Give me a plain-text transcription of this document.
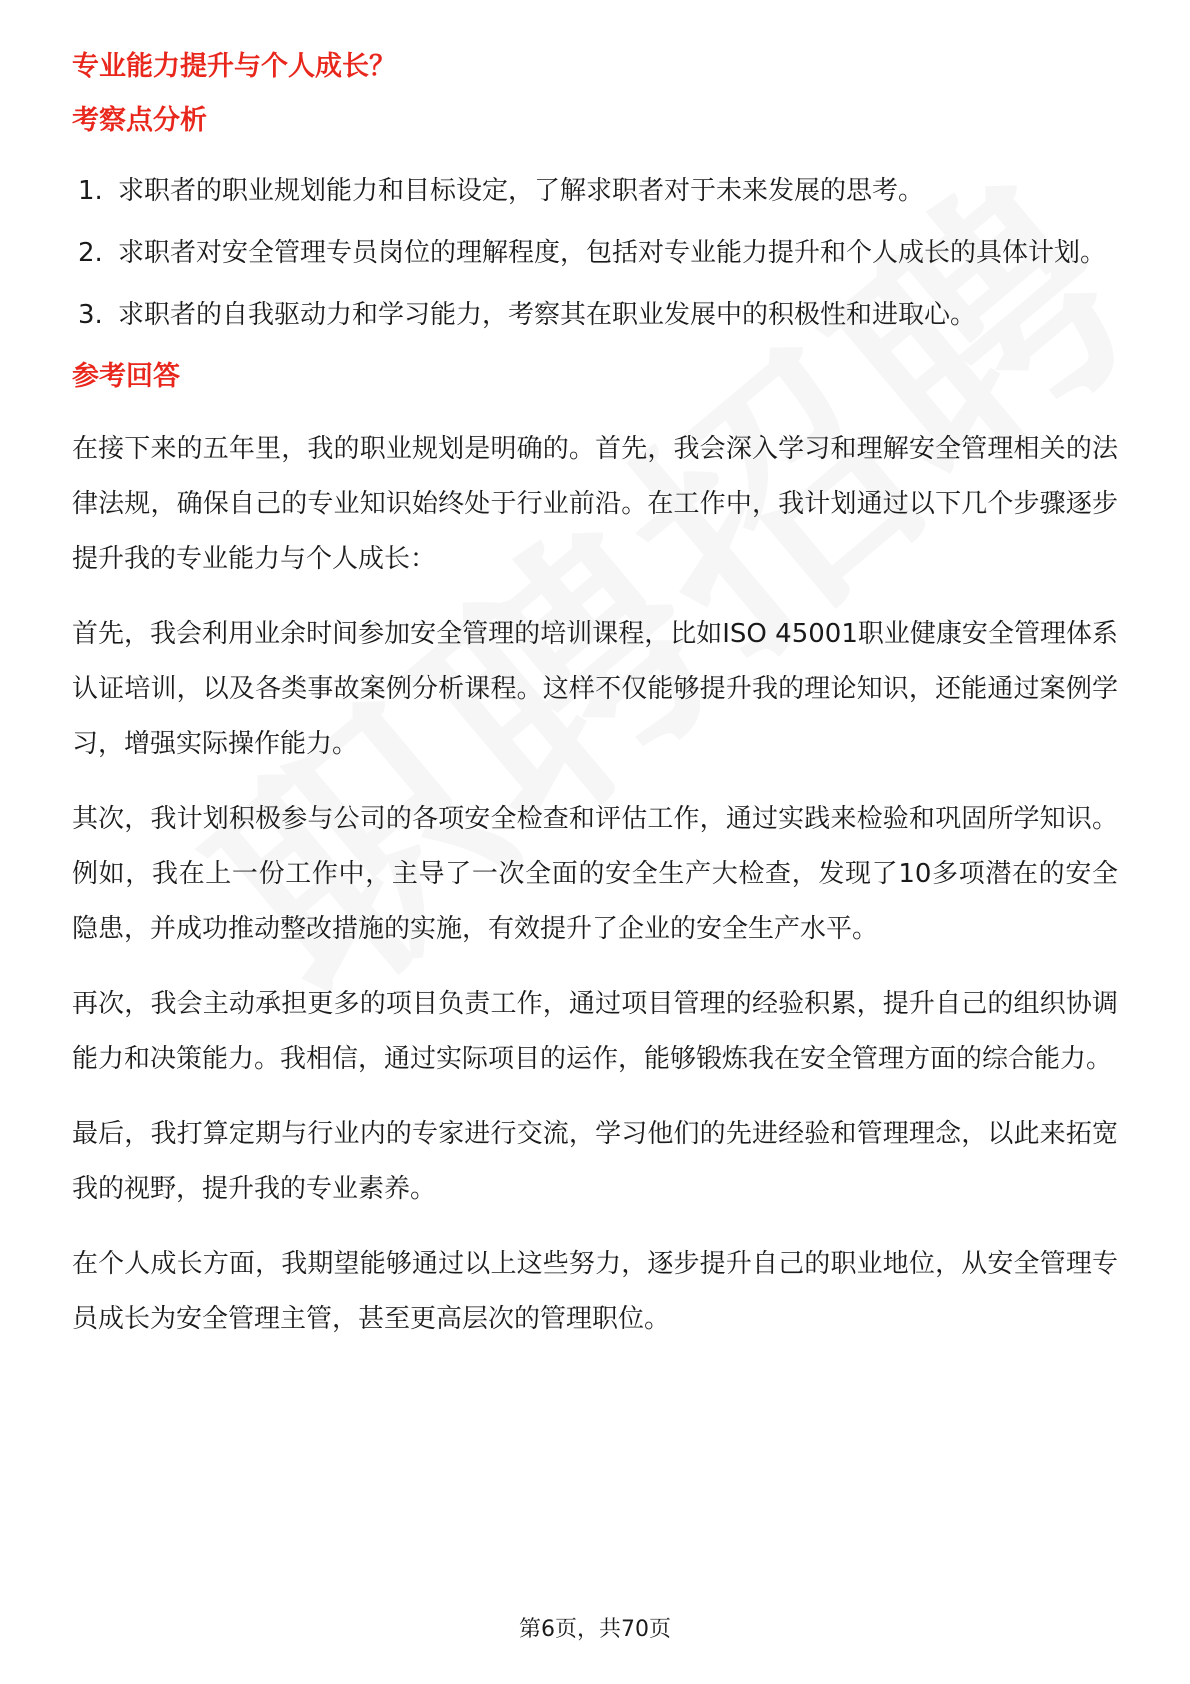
专业能力提升与个人成长？
考察点分析
求职者的职业规划能力和目标设定，了解求职者对于未来发展的思考。
求职者对安全管理专员岗位的理解程度，包括对专业能力提升和个人成长的具体计划。
求职者的自我驱动力和学习能力，考察其在职业发展中的积极性和进取心。
参考回答

在接下来的五年里，我的职业规划是明确的。首先，我会深入学习和理解安全管理相关的法律法规，确保自己的专业知识始终处于行业前沿。在工作中，我计划通过以下几个步骤逐步提升我的专业能力与个人成长：

首先，我会利用业余时间参加安全管理的培训课程，比如ISO 45001职业健康安全管理体系认证培训，以及各类事故案例分析课程。这样不仅能够提升我的理论知识，还能通过案例学习，增强实际操作能力。

其次，我计划积极参与公司的各项安全检查和评估工作，通过实践来检验和巩固所学知识。例如，我在上一份工作中，主导了一次全面的安全生产大检查，发现了10多项潜在的安全隐患，并成功推动整改措施的实施，有效提升了企业的安全生产水平。

再次，我会主动承担更多的项目负责工作，通过项目管理的经验积累，提升自己的组织协调能力和决策能力。我相信，通过实际项目的运作，能够锻炼我在安全管理方面的综合能力。

最后，我打算定期与行业内的专家进行交流，学习他们的先进经验和管理理念，以此来拓宽我的视野，提升我的专业素养。

在个人成长方面，我期望能够通过以上这些努力，逐步提升自己的职业地位，从安全管理专员成长为安全管理主管，甚至更高层次的管理职位。

第6页，共70页
